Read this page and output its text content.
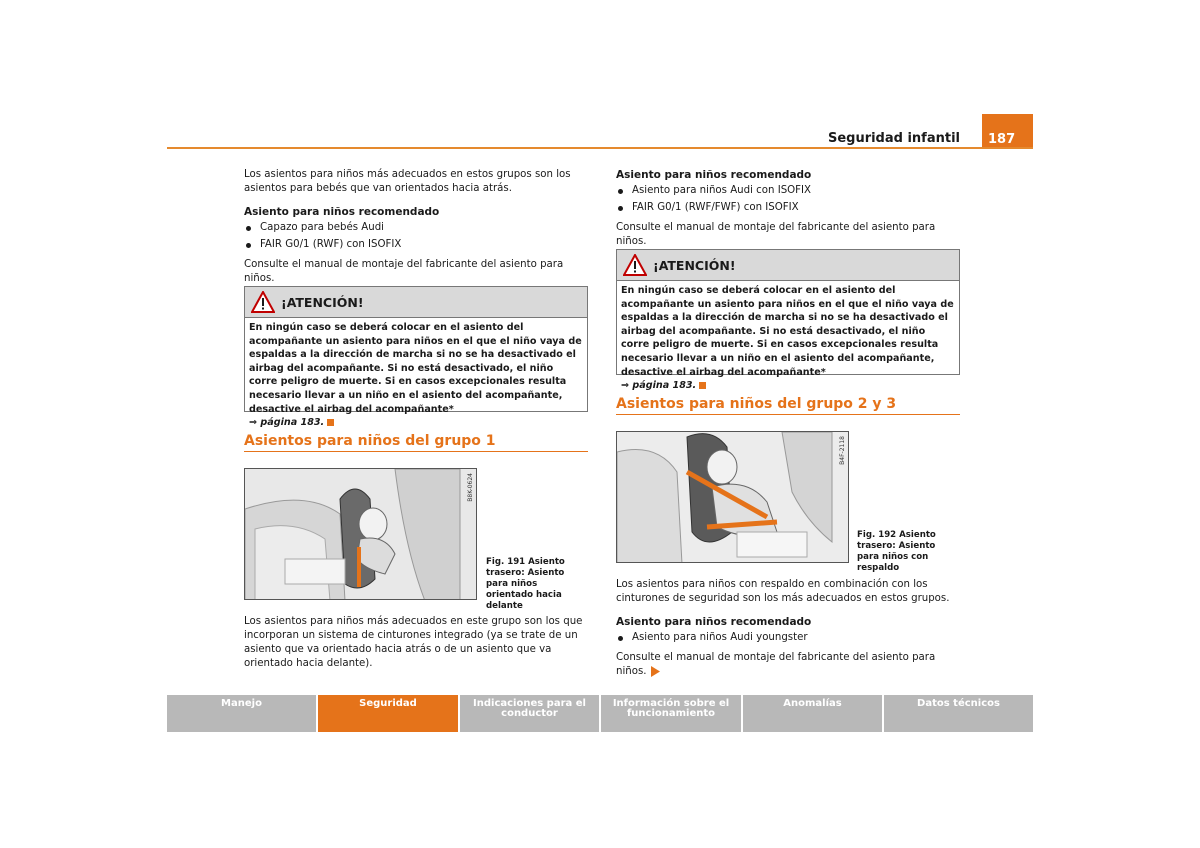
Seguridad infantil	187

Los asientos para niños más adecuados en estos grupos son los asientos para bebés que van orientados hacia atrás.

Asiento para niños recomendado

Capazo para bebés Audi

FAIR G0/1 (RWF) con ISOFIX

Consulte el manual de montaje del fabricante del asiento para niños.
¡ATENCIÓN!
En ningún caso se deberá colocar en el asiento del acompañante un asiento para niños en el que el niño vaya de espaldas a la dirección de marcha si no se ha desactivado el airbag del acompañante. Si no está desactivado, el niño corre peligro de muerte. Si en casos excepcionales resulta necesario llevar a un niño en el asiento del acompañante, desactive el airbag del acompañante*
⇒ página 183.
Asientos para niños del grupo 1
B8K-0624
Fig. 191 Asiento trasero: Asiento para niños orientado hacia delante
Los asientos para niños más adecuados en este grupo son los que incorporan un sistema de cinturones integrado (ya se trate de un asiento que va orientado hacia atrás o de un asiento que va orientado hacia delante).

Asiento para niños recomendado

Asiento para niños Audi con ISOFIX

FAIR G0/1 (RWF/FWF) con ISOFIX

Consulte el manual de montaje del fabricante del asiento para niños.
¡ATENCIÓN!
En ningún caso se deberá colocar en el asiento del acompañante un asiento para niños en el que el niño vaya de espaldas a la dirección de marcha si no se ha desactivado el airbag del acompañante. Si no está desactivado, el niño corre peligro de muerte. Si en casos excepcionales resulta necesario llevar a un niño en el asiento del acompañante, desactive el airbag del acompañante*
⇒ página 183.
Asientos para niños del grupo 2 y 3
B4F-2118
Fig. 192 Asiento trasero: Asiento para niños con respaldo
Los asientos para niños con respaldo en combinación con los cinturones de seguridad son los más adecuados en estos grupos.

Asiento para niños recomendado

Asiento para niños Audi youngster

Consulte el manual de montaje del fabricante del asiento para niños.
Manejo	Seguridad	Indicaciones para el conductor
Información sobre el funcionamiento
Anomalías	Datos técnicos
